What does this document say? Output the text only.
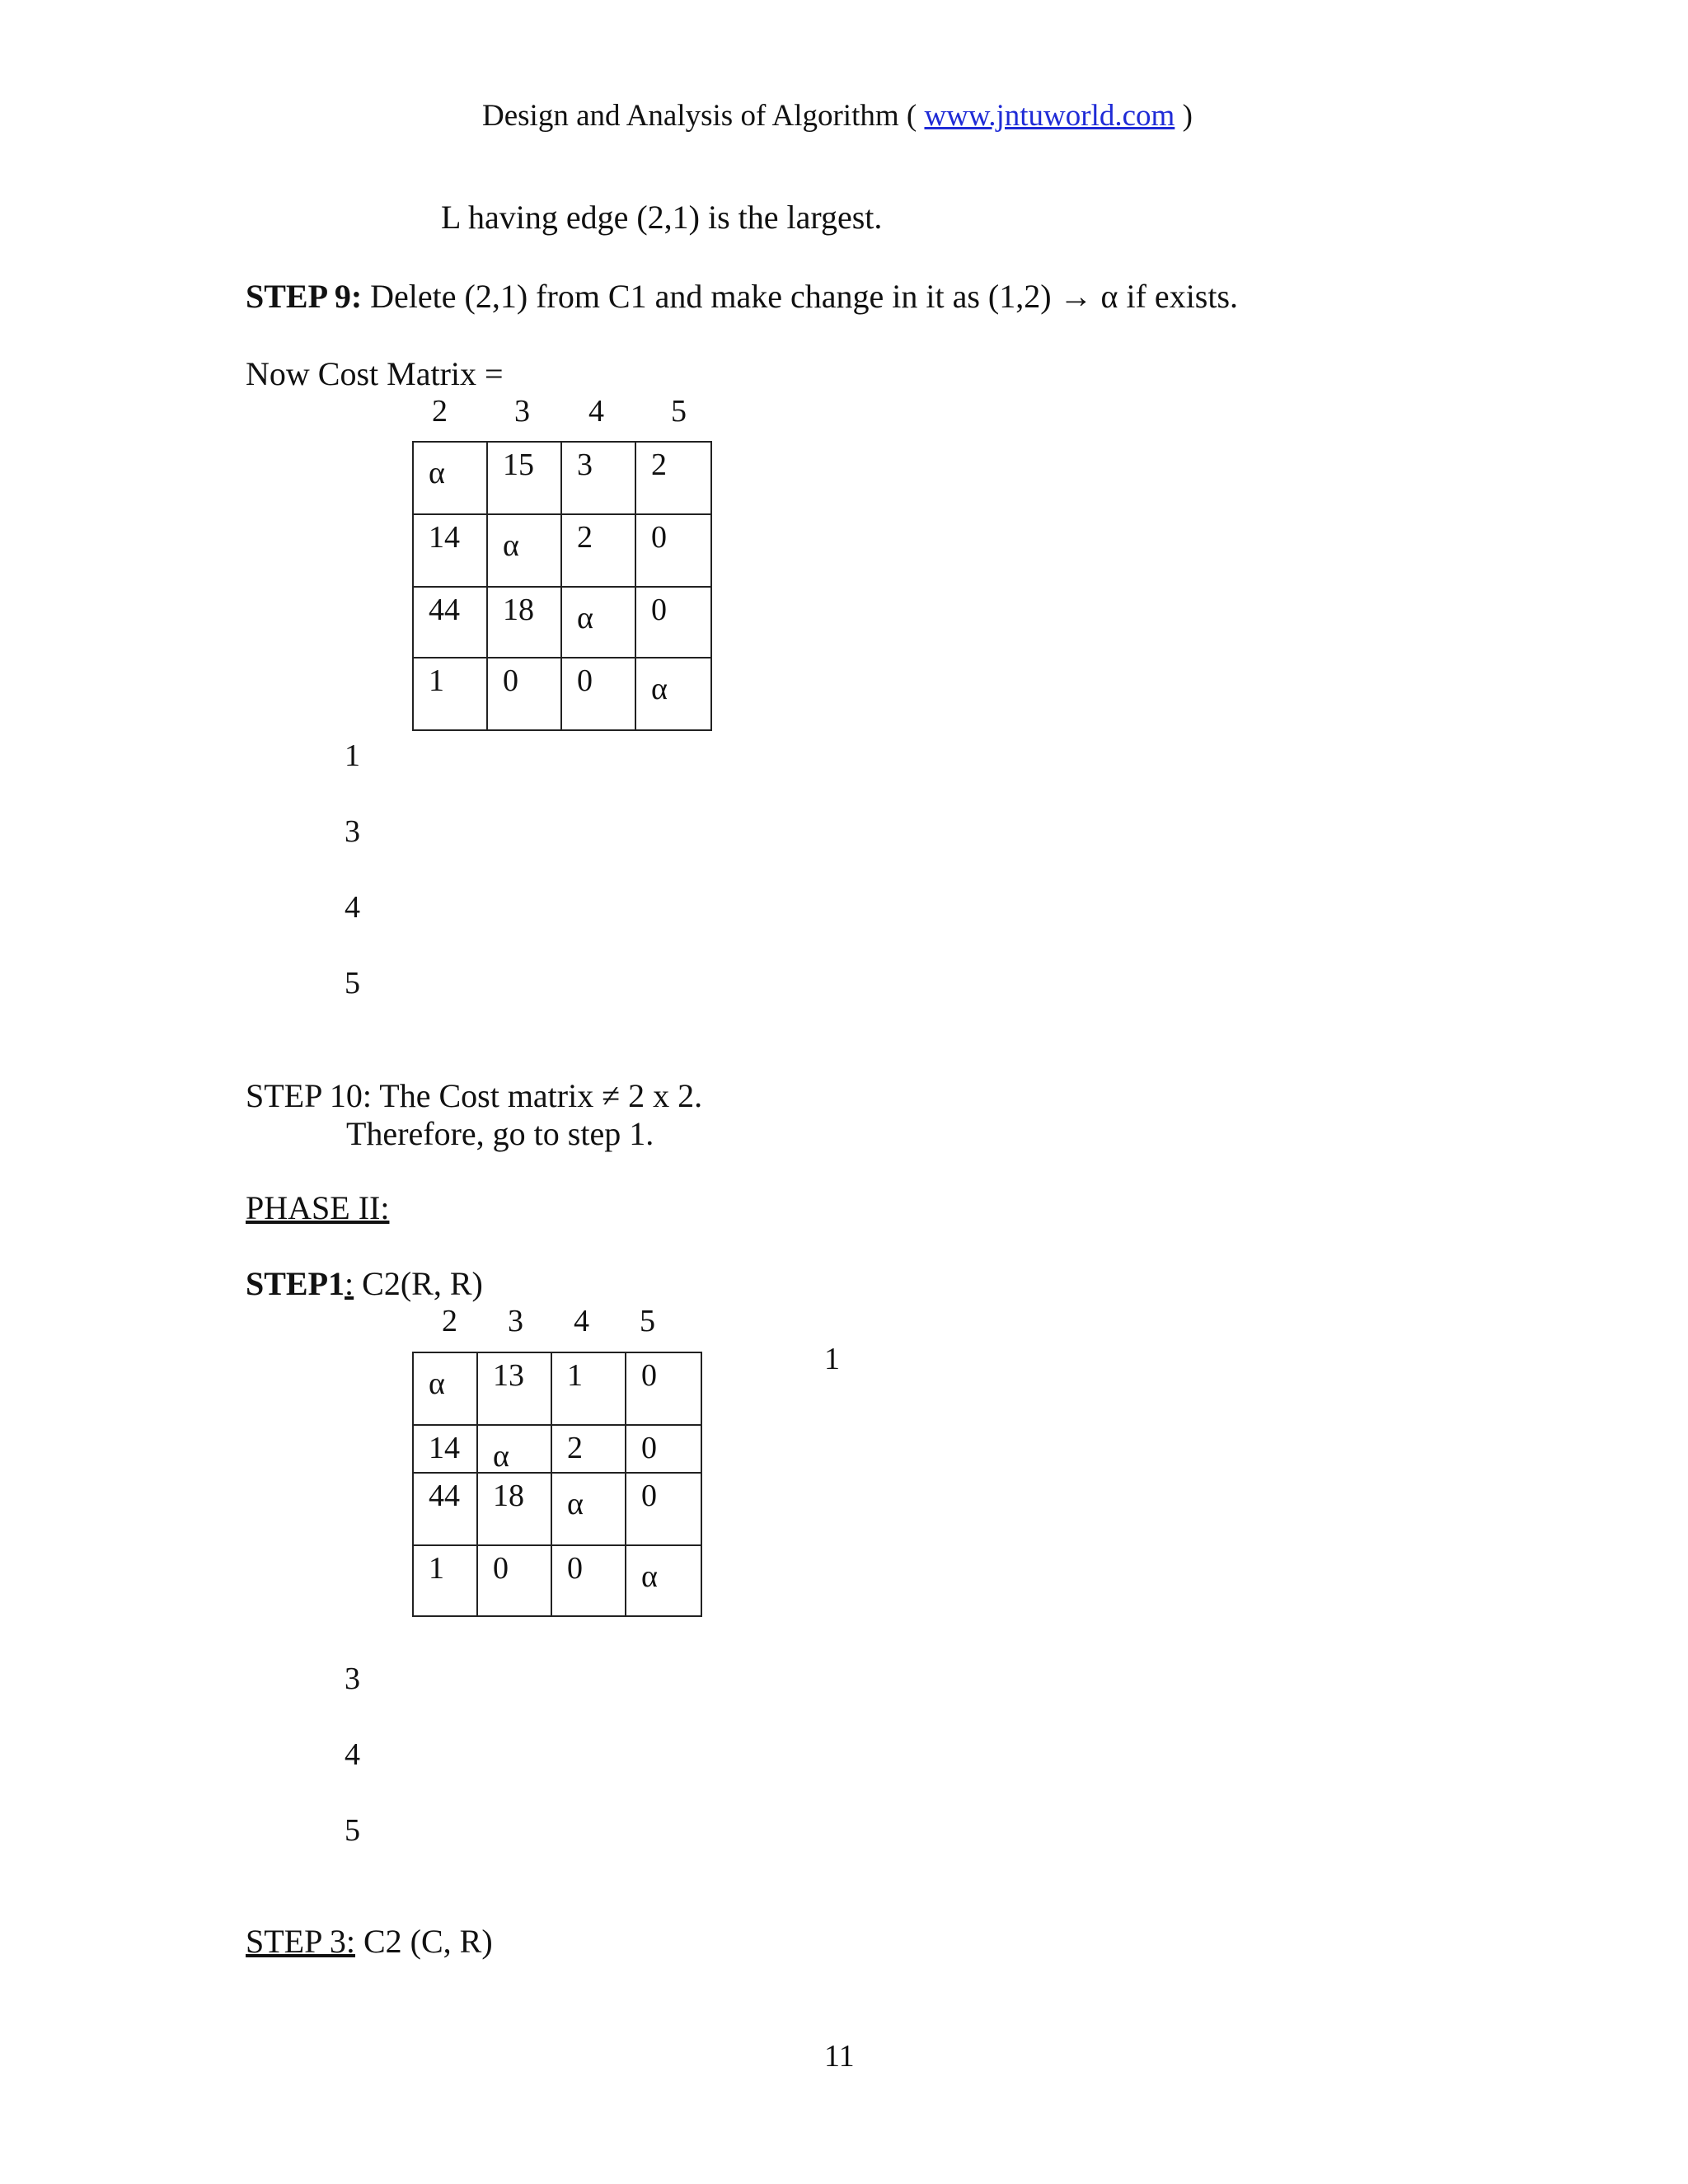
Design and Analysis of Algorithm ( www.jntuworld.com )
L having edge (2,1) is the largest.
STEP 9: Delete (2,1) from C1 and make change in it as (1,2) → α if exists.
Now Cost Matrix =
2 3 4 5
α	15	3	2
14	α	2	0
44	18	α	0
1	0	0	α
1
3
4
5
STEP 10: The Cost matrix ≠ 2 x 2.
Therefore, go to step 1.
PHASE II:
STEP1: C2(R, R)
2 3 4 5
1
α	13	1	0
14	α	2	0
44	18	α	0
1	0	0	α
3
4
5
STEP 3: C2 (C, R)
11
